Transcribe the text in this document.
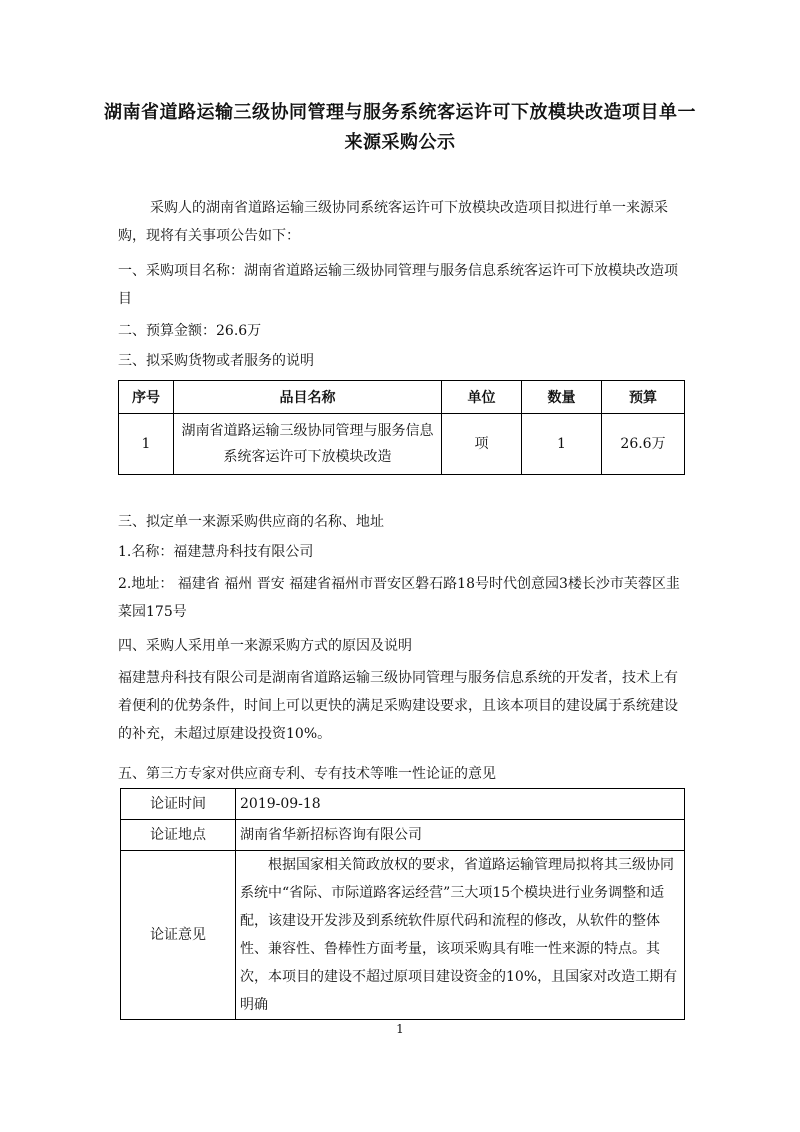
湖南省道路运输三级协同管理与服务系统客运许可下放模块改造项目单一来源采购公示
采购人的湖南省道路运输三级协同系统客运许可下放模块改造项目拟进行单一来源采购，现将有关事项公告如下：
一、采购项目名称：湖南省道路运输三级协同管理与服务信息系统客运许可下放模块改造项目
二、预算金额：26.6万
三、拟采购货物或者服务的说明
序号	品目名称	单位	数量	预算
1	湖南省道路运输三级协同管理与服务信息系统客运许可下放模块改造	项	1	26.6万
三、拟定单一来源采购供应商的名称、地址
1.名称：福建慧舟科技有限公司
2.地址： 福建省 福州 晋安 福建省福州市晋安区磐石路18号时代创意园3楼长沙市芙蓉区韭菜园175号
四、采购人采用单一来源采购方式的原因及说明
福建慧舟科技有限公司是湖南省道路运输三级协同管理与服务信息系统的开发者，技术上有着便利的优势条件，时间上可以更快的满足采购建设要求，且该本项目的建设属于系统建设的补充，未超过原建设投资10%。
五、第三方专家对供应商专利、专有技术等唯一性论证的意见
论证时间	2019-09-18
论证地点	湖南省华新招标咨询有限公司
论证意见	根据国家相关简政放权的要求，省道路运输管理局拟将其三级协同系统中“省际、市际道路客运经营”三大项15个模块进行业务调整和适配，该建设开发涉及到系统软件原代码和流程的修改，从软件的整体性、兼容性、鲁棒性方面考量，该项采购具有唯一性来源的特点。其次，本项目的建设不超过原项目建设资金的10%，且国家对改造工期有明确
1
